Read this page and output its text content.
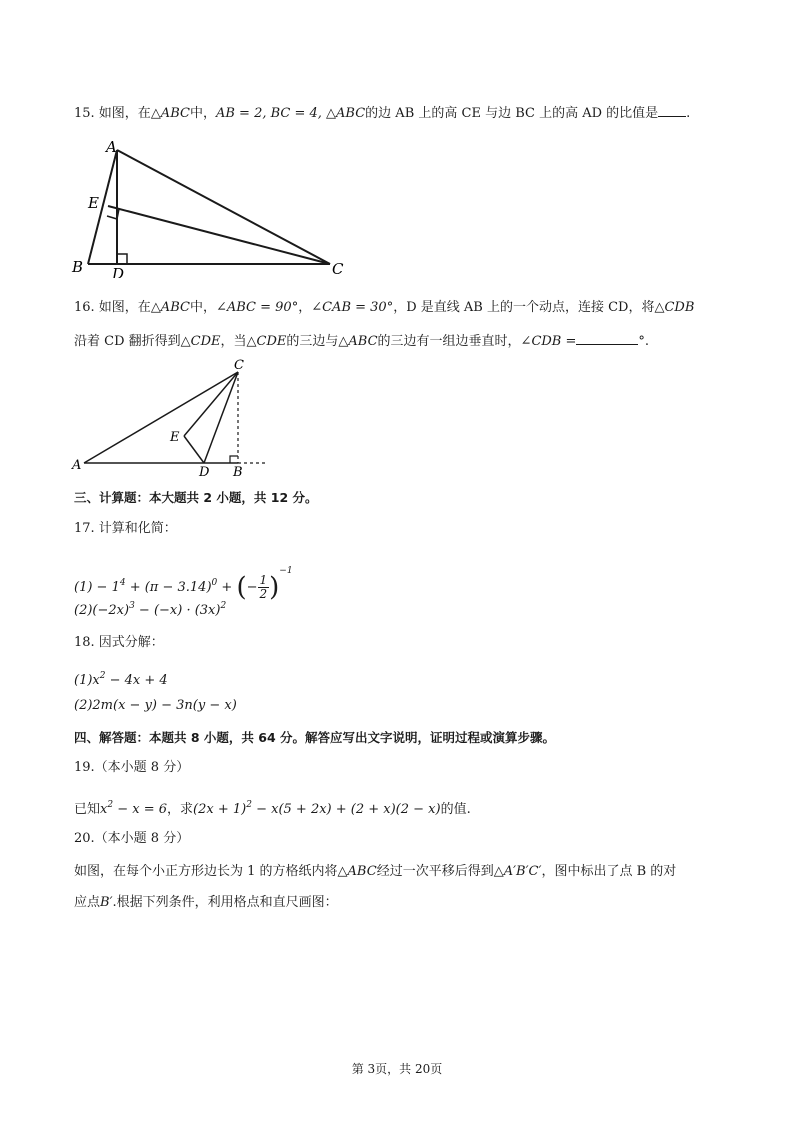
15. 如图，在△ABC中，AB = 2, BC = 4, △ABC的边 AB 上的高 CE 与边 BC 上的高 AD 的比值是 .
A
E
B D	C
16. 如图，在△ABC中，∠ABC = 90°，∠CAB = 30°，D 是直线 AB 上的一个动点，连接 CD，将△CDB
沿着 CD 翻折得到△CDE，当△CDE的三边与△ABC的三边有一组边垂直时，∠CDB =	°.
C
E
A	D B
三、计算题：本大题共 2 小题，共 12 分。
17. 计算和化简：
$(1) - 1^4 + (\pi - 3.14)^0$ + (− $\frac{1}{2} )^{-1}$
$(2)(-2x)^3 - (-x) \cdot (3x)^2$
18. 因式分解：
$(1)x^2 - 4x + 4$
(2)2m(x − y) − 3n(y − x)
四、解答题：本题共 8 小题，共 64 分。解答应写出文字说明，证明过程或演算步骤。
19.（本小题 8 分）
已知$x^2 - x = 6$，求$(2x + 1)^2 - x(5 + 2x) + (2 + x)(2 - x)$的值.
20.（本小题 8 分）
如图，在每个小正方形边长为 1 的方格纸内将△ABC经过一次平移后得到△A′B′C′，图中标出了点 B 的对
应点B′.根据下列条件，利用格点和直尺画图：
第 3页，共 20页
